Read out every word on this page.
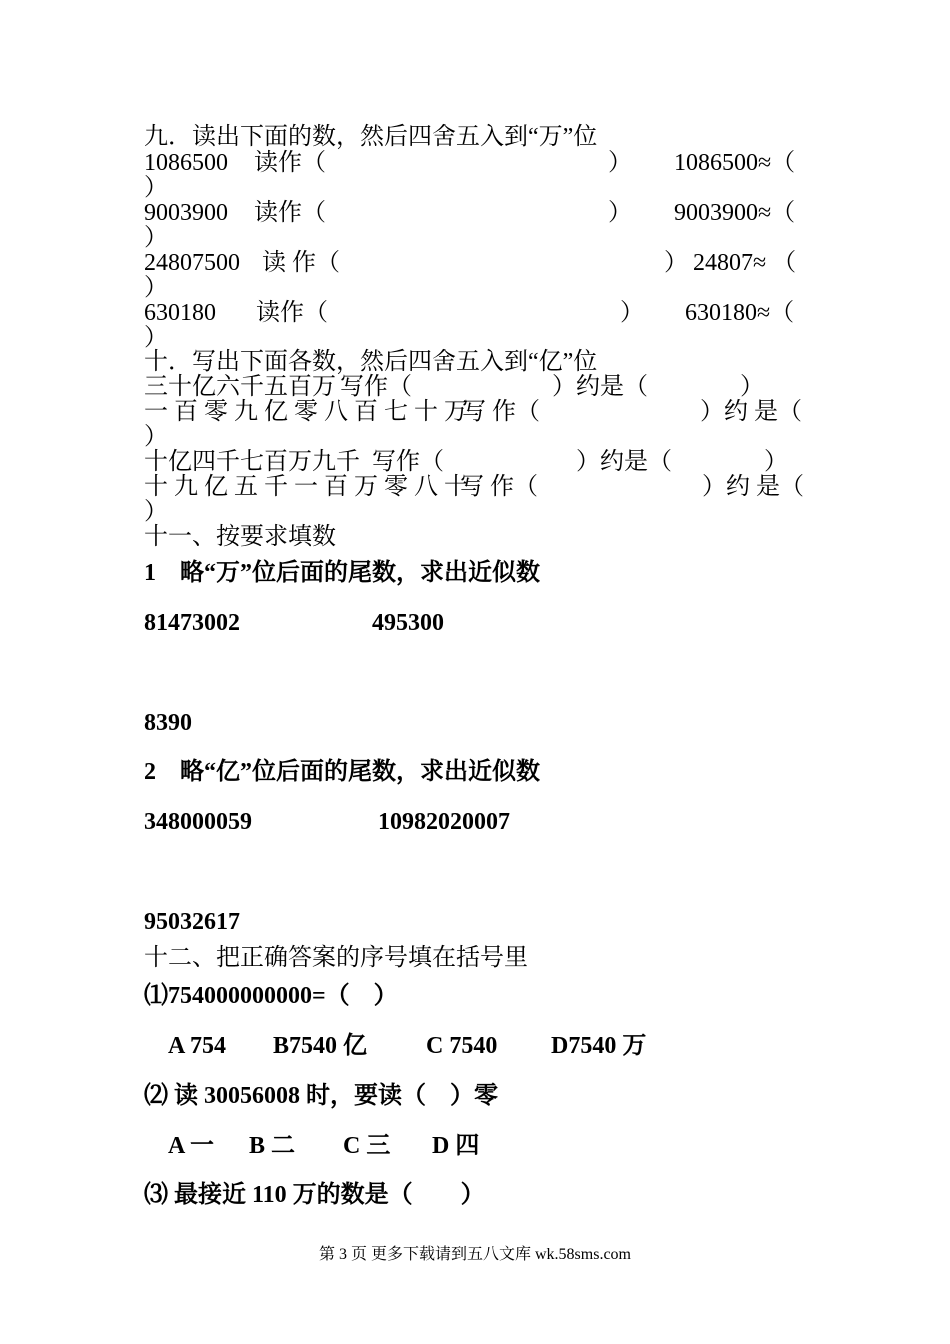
九．读出下面的数，然后四舍五入到“万”位
1086500 读作（	） 1086500≈（
）
9003900 读作（	） 9003900≈（
）
24807500 读 作（	） 24807≈ （
）
630180 读作（	） 630180≈（
）
十．写出下面各数，然后四舍五入到“亿”位
三十亿六千五百万 写作（	）约是（	）
一 百 零 九 亿 零 八 百 七 十 万
写 作（	）约 是（
）
十亿四千七百万九千 写作（	）约是（	）
十 九 亿 五 千 一 百 万 零 八 十
写 作（	）约 是（
）
十一、按要求填数
1　略“万”位后面的尾数，求出近似数
81473002	495300
8390
2　略“亿”位后面的尾数，求出近似数
348000059	10982020007
95032617
十二、把正确答案的序号填在括号里
⑴754000000000=（　）
A 754 B7540 亿 C 7540 D7540 万
⑵ 读 30056008 时，要读（　）零
A 一 B 二 C 三 D 四
⑶ 最接近 110 万的数是（　　）
第 3 页 更多下载请到五八文库 wk.58sms.com
